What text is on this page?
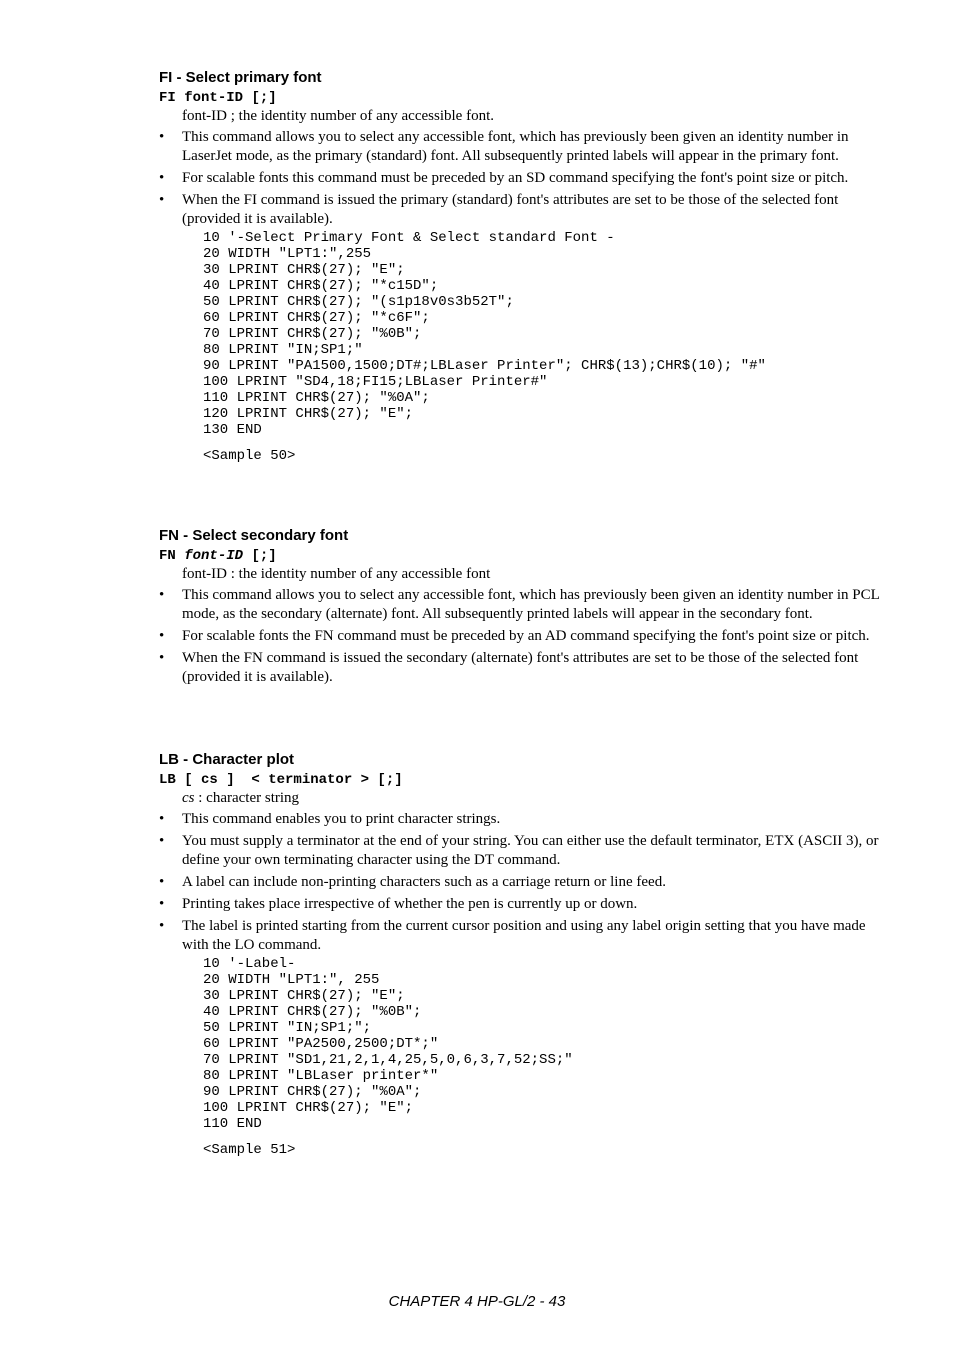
FI - Select primary font
FI font-ID [;]
font-ID ; the identity number of any accessible font.
• This command allows you to select any accessible font, which has previously been given an identity number in LaserJet mode, as the primary (standard) font. All subsequently printed labels will appear in the primary font.
• For scalable fonts this command must be preceded by an SD command specifying the font's point size or pitch.
• When the FI command is issued the primary (standard) font's attributes are set to be those of the selected font (provided it is available).
10 '-Select Primary Font & Select standard Font -
20 WIDTH "LPT1:",255
30 LPRINT CHR$(27); "E";
40 LPRINT CHR$(27); "*c15D";
50 LPRINT CHR$(27); "(s1p18v0s3b52T";
60 LPRINT CHR$(27); "*c6F";
70 LPRINT CHR$(27); "%0B";
80 LPRINT "IN;SP1;"
90 LPRINT "PA1500,1500;DT#;LBLaser Printer"; CHR$(13);CHR$(10); "#"
100 LPRINT "SD4,18;FI15;LBLaser Printer#"
110 LPRINT CHR$(27); "%0A";
120 LPRINT CHR$(27); "E";
130 END
<Sample 50>
FN - Select secondary font
FN font-ID [;]
font-ID : the identity number of any accessible font
• This command allows you to select any accessible font, which has previously been given an identity number in PCL mode, as the secondary (alternate) font. All subsequently printed labels will appear in the secondary font.
• For scalable fonts the FN command must be preceded by an AD command specifying the font's point size or pitch.
• When the FN command is issued the secondary (alternate) font's attributes are set to be those of the selected font (provided it is available).
LB - Character plot
LB [ cs ]  < terminator > [;]
cs : character string
• This command enables you to print character strings.
• You must supply a terminator at the end of your string. You can either use the default terminator, ETX (ASCII 3), or define your own terminating character using the DT command.
• A label can include non-printing characters such as a carriage return or line feed.
• Printing takes place irrespective of whether the pen is currently up or down.
• The label is printed starting from the current cursor position and using any label origin setting that you have made with the LO command.
10 '-Label-
20 WIDTH "LPT1:", 255
30 LPRINT CHR$(27); "E";
40 LPRINT CHR$(27); "%0B";
50 LPRINT "IN;SP1;";
60 LPRINT "PA2500,2500;DT*;"
70 LPRINT "SD1,21,2,1,4,25,5,0,6,3,7,52;SS;"
80 LPRINT "LBLaser printer*"
90 LPRINT CHR$(27); "%0A";
100 LPRINT CHR$(27); "E";
110 END
<Sample 51>
CHAPTER 4 HP-GL/2 - 43
